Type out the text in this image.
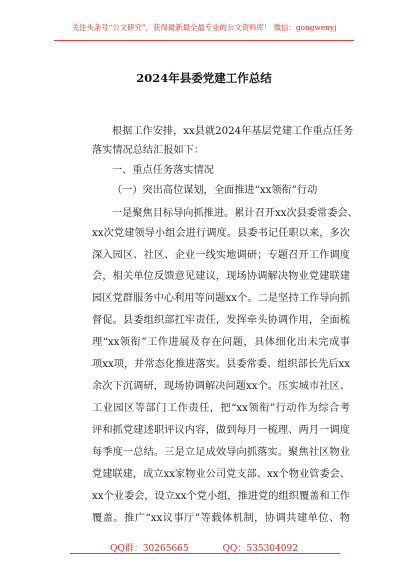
关注头条号“公文研究”，获得最新最全最专业的公文资料库！ 微信：gongwenyj
2024年县委党建工作总结
根据工作安排，xx县就2024年基层党建工作重点任务
落实情况总结汇报如下：
一、重点任务落实情况
（一）突出高位谋划，全面推进“xx领衔”行动
一是聚焦目标导向抓推进。累计召开xx次县委常委会、
xx次党建领导小组会进行调度。县委书记任职以来，多次
深入园区、社区、企业一线实地调研；专题召开工作调度
会，相关单位反馈意见建议，现场协调解决物业党建联建
园区党群服务中心利用等问题xx个。二是坚持工作导向抓
督促。县委组织部扛牢责任，发挥牵头协调作用，全面梳
理“xx领衔”工作进展及存在问题，具体细化出未完成事
项xx项，并常态化推进落实。县委常委、组织部长先后xx
余次下沉调研，现场协调解决问题xx个。压实城市社区、
工业园区等部门工作责任，把“xx领衔”行动作为综合考
评和抓党建述职评议内容，做到每月一梳理、两月一调度
每季度一总结。三是立足成效导向抓落实。聚焦社区物业
党建联建，成立xx家物业公司党支部、xx个物业管委会、
xx个业委会，设立xx个党小组，推进党的组织覆盖和工作
覆盖。推广“xx议事厅”等载体机制，协调共建单位、物
QQ群：30265665	QQ：535304092
